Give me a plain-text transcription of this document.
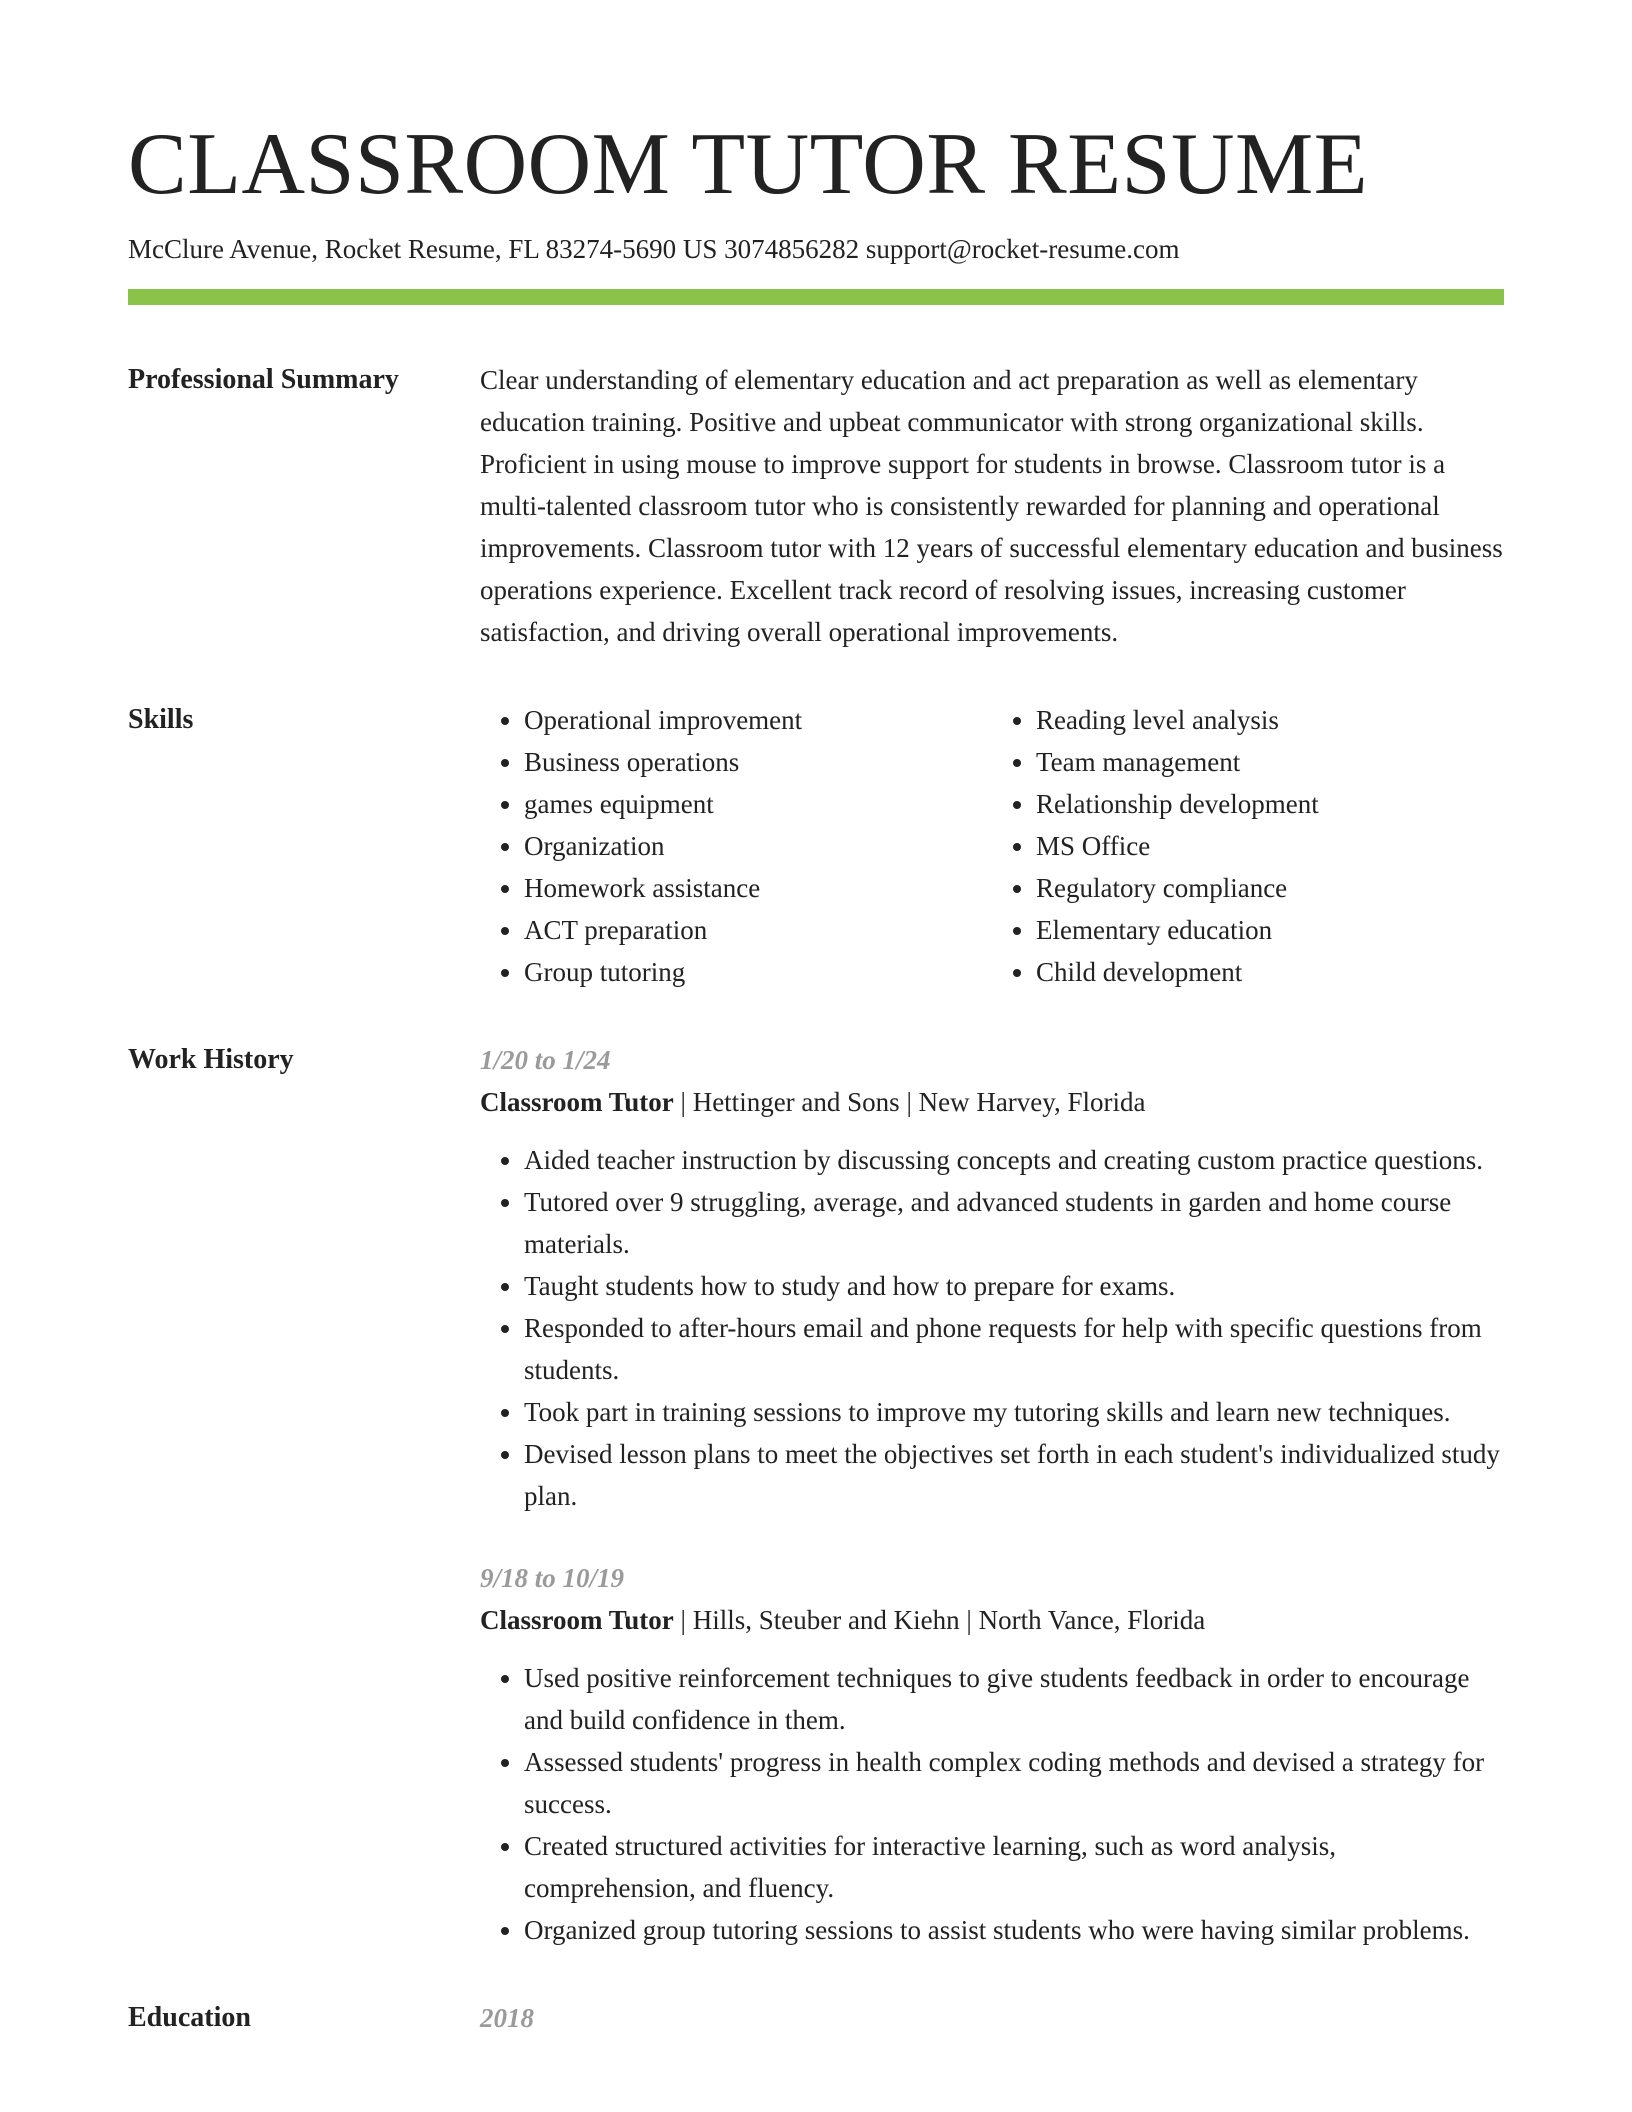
CLASSROOM TUTOR RESUME
McClure Avenue, Rocket Resume, FL 83274-5690 US 3074856282 support@rocket-resume.com
Professional Summary	Clear understanding of elementary education and act preparation as well as elementary education training. Positive and upbeat communicator with strong organizational skills. Proficient in using mouse to improve support for students in browse. Classroom tutor is a multi-talented classroom tutor who is consistently rewarded for planning and operational improvements. Classroom tutor with 12 years of successful elementary education and business operations experience. Excellent track record of resolving issues, increasing customer satisfaction, and driving overall operational improvements.

Skills
•	Operational improvement
• Business operations
• games equipment
• Organization
• Homework assistance
• ACT preparation
• Group tutoring
• Reading level analysis
• Team management
• Relationship development
• MS Office
• Regulatory compliance
• Elementary education
• Child development
Work History	1/20 to 1/24
Classroom Tutor | Hettinger and Sons | New Harvey, Florida
• Aided teacher instruction by discussing concepts and creating custom practice questions.
• Tutored over 9 struggling, average, and advanced students in garden and home course materials.
• Taught students how to study and how to prepare for exams.
• Responded to after-hours email and phone requests for help with specific questions from students.
• Took part in training sessions to improve my tutoring skills and learn new techniques.
• Devised lesson plans to meet the objectives set forth in each student's individualized study plan.
9/18 to 10/19
Classroom Tutor | Hills, Steuber and Kiehn | North Vance, Florida
• Used positive reinforcement techniques to give students feedback in order to encourage and build confidence in them.
• Assessed students' progress in health complex coding methods and devised a strategy for success.
• Created structured activities for interactive learning, such as word analysis, comprehension, and fluency.
• Organized group tutoring sessions to assist students who were having similar problems.
Education	2018
